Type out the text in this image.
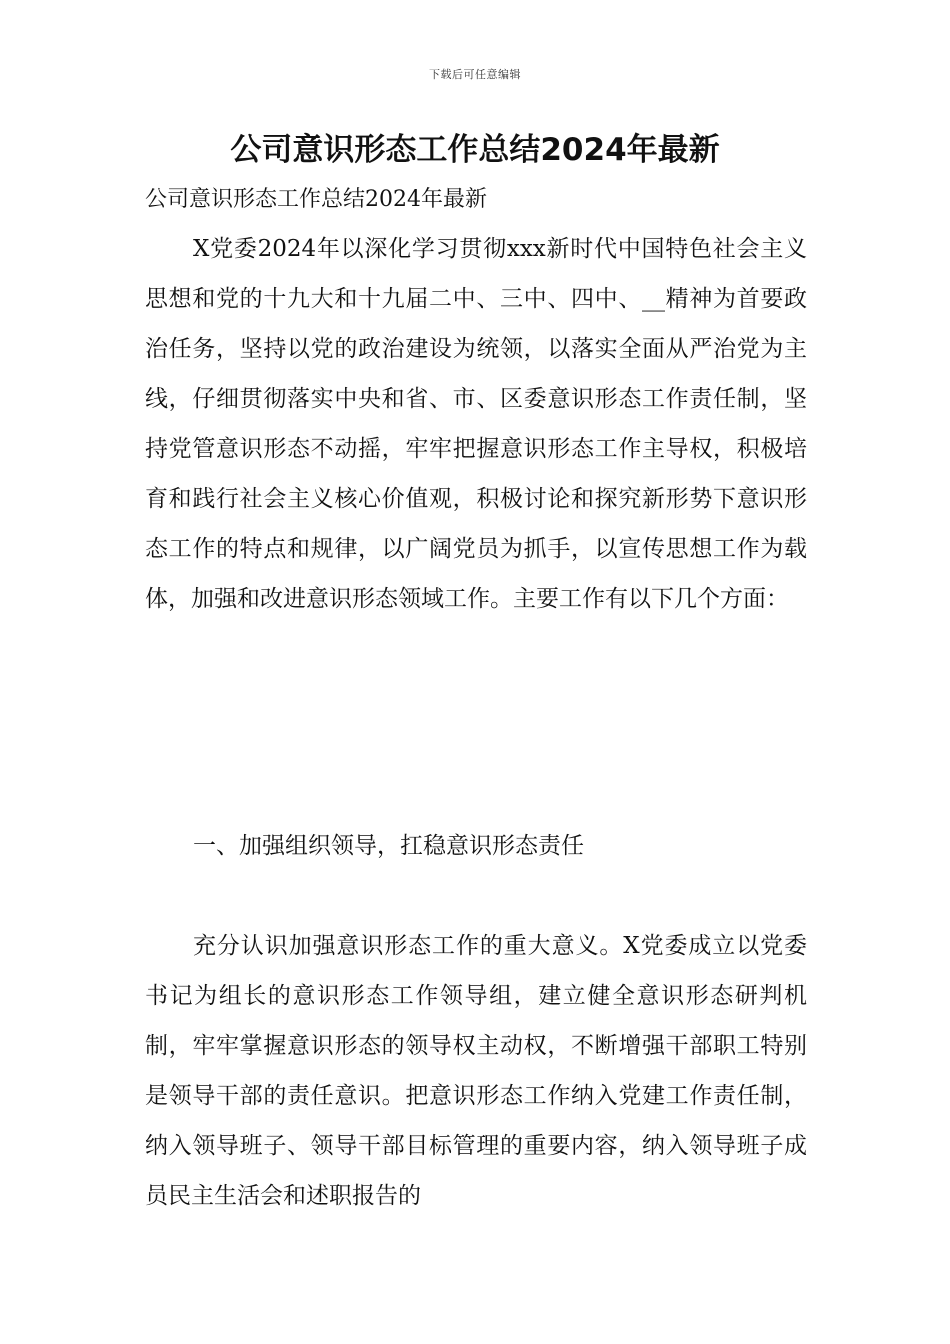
下载后可任意编辑
公司意识形态工作总结2024年最新

公司意识形态工作总结2024年最新

X党委2024年以深化学习贯彻xxx新时代中国特色社会主义思想和党的十九大和十九届二中、三中、四中、__精神为首要政治任务，坚持以党的政治建设为统领，以落实全面从严治党为主线，仔细贯彻落实中央和省、市、区委意识形态工作责任制，坚持党管意识形态不动摇，牢牢把握意识形态工作主导权，积极培育和践行社会主义核心价值观，积极讨论和探究新形势下意识形态工作的特点和规律，以广阔党员为抓手，以宣传思想工作为载体，加强和改进意识形态领域工作。主要工作有以下几个方面：

一、加强组织领导，扛稳意识形态责任

充分认识加强意识形态工作的重大意义。X党委成立以党委书记为组长的意识形态工作领导组，建立健全意识形态研判机制，牢牢掌握意识形态的领导权主动权，不断增强干部职工特别是领导干部的责任意识。把意识形态工作纳入党建工作责任制，纳入领导班子、领导干部目标管理的重要内容，纳入领导班子成员民主生活会和述职报告的
